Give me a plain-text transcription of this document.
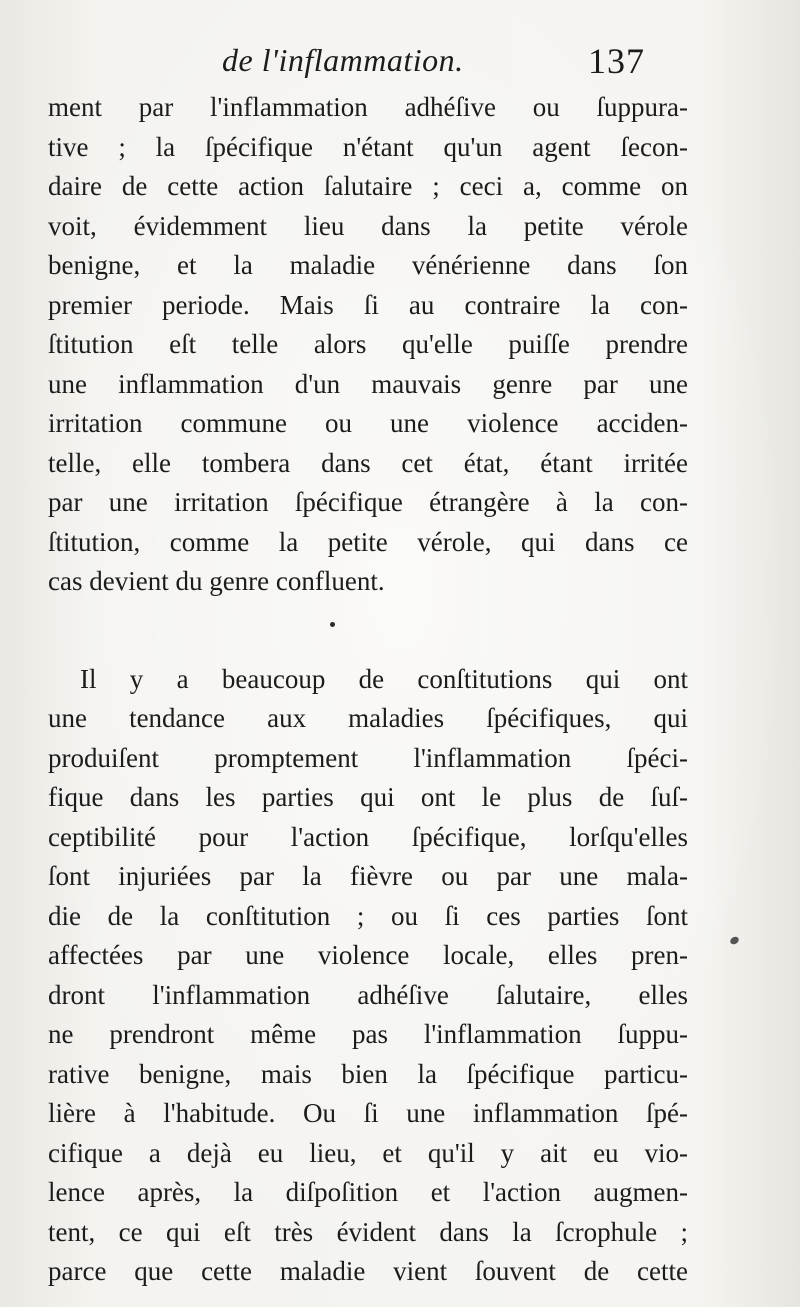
de l'inflammation.	137
ment par l'inflammation adhéſive ou ſuppura-
tive ; la ſpécifique n'étant qu'un agent ſecon-
daire de cette action ſalutaire ; ceci a, comme on
voit, évidemment lieu dans la petite vérole
benigne, et la maladie vénérienne dans ſon
premier periode. Mais ſi au contraire la con-
ſtitution eſt telle alors qu'elle puiſſe prendre
une inflammation d'un mauvais genre par une
irritation commune ou une violence acciden-
telle, elle tombera dans cet état, étant irritée
par une irritation ſpécifique étrangère à la con-
ſtitution, comme la petite vérole, qui dans ce
cas devient du genre confluent.
Il y a beaucoup de conſtitutions qui ont
une tendance aux maladies ſpécifiques, qui
produiſent promptement l'inflammation ſpéci-
fique dans les parties qui ont le plus de ſuſ-
ceptibilité pour l'action ſpécifique, lorſqu'elles
ſont injuriées par la fièvre ou par une mala-
die de la conſtitution ; ou ſi ces parties ſont
affectées par une violence locale, elles pren-
dront l'inflammation adhéſive ſalutaire, elles
ne prendront même pas l'inflammation ſuppu-
rative benigne, mais bien la ſpécifique particu-
lière à l'habitude. Ou ſi une inflammation ſpé-
cifique a dejà eu lieu, et qu'il y ait eu vio-
lence après, la diſpoſition et l'action augmen-
tent, ce qui eſt très évident dans la ſcrophule ;
parce que cette maladie vient ſouvent de cette
